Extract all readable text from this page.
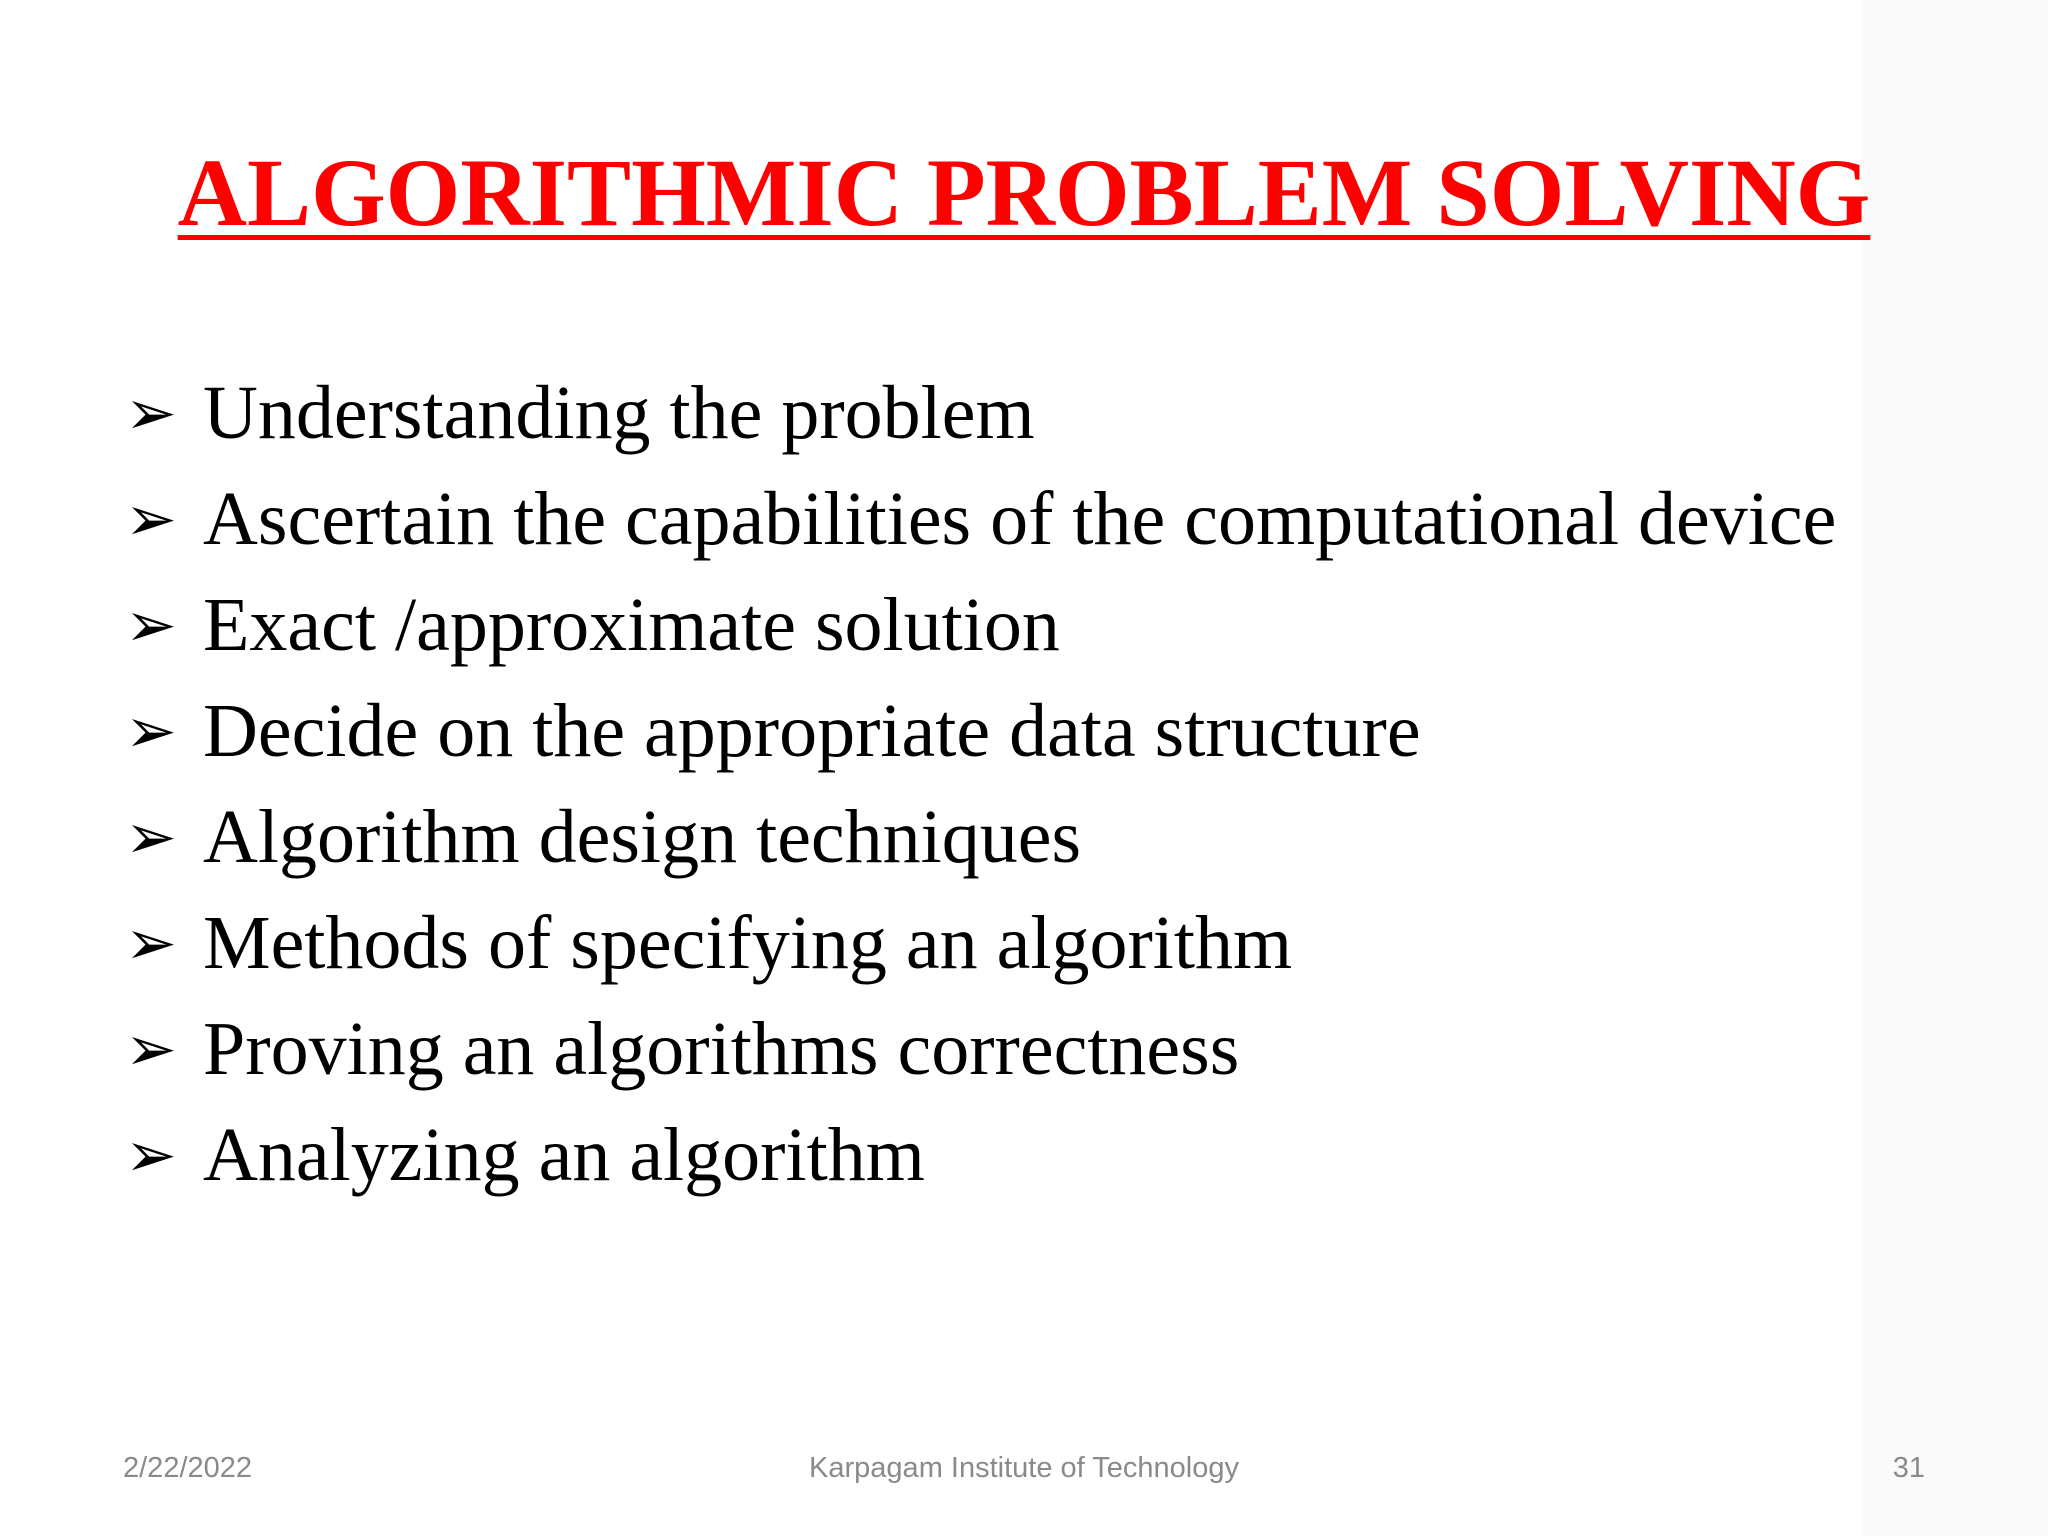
ALGORITHMIC PROBLEM SOLVING
➢ Understanding the problem
➢ Ascertain the capabilities of the computational device
➢ Exact /approximate solution
➢ Decide on the appropriate data structure
➢ Algorithm design techniques
➢ Methods of specifying an algorithm
➢ Proving an algorithms correctness
➢ Analyzing an algorithm
Karpagam Institute of Technology
2/22/2022	31
